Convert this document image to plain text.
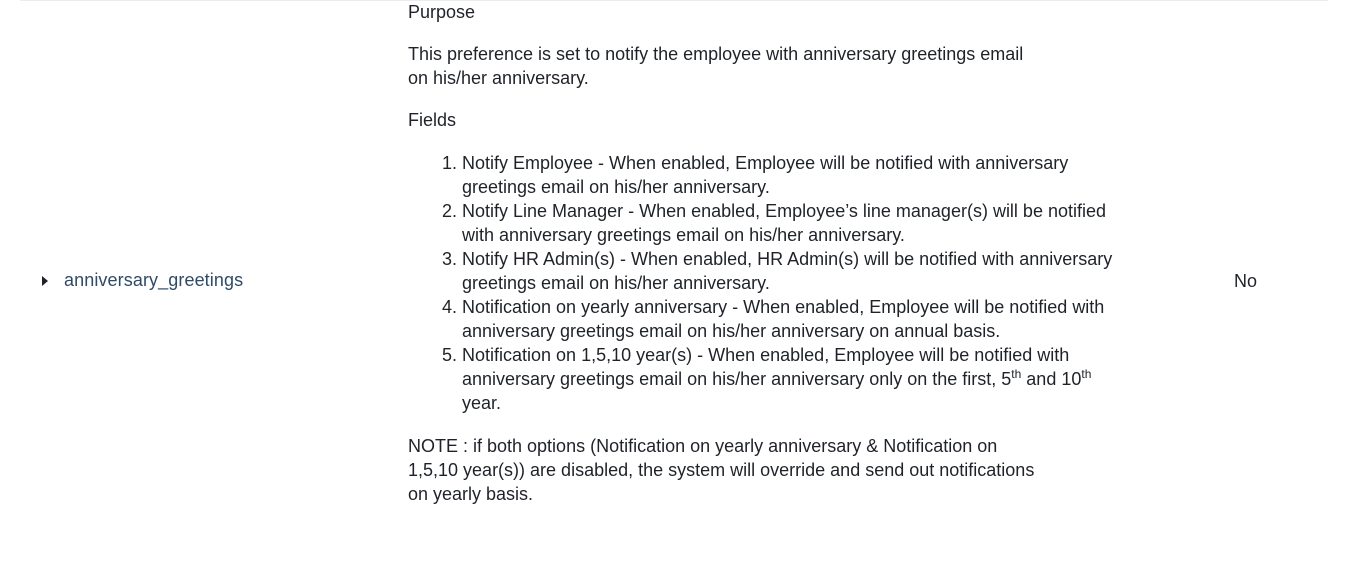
anniversary_greetings

Purpose

This preference is set to notify the employee with anniversary greetings email on his/her anniversary.

Fields

1. Notify Employee - When enabled, Employee will be notified with anniversary greetings email on his/her anniversary.
2. Notify Line Manager - When enabled, Employee’s line manager(s) will be notified with anniversary greetings email on his/her anniversary.
3. Notify HR Admin(s) - When enabled, HR Admin(s) will be notified with anniversary greetings email on his/her anniversary.
4. Notification on yearly anniversary - When enabled, Employee will be notified with anniversary greetings email on his/her anniversary on annual basis.
5. Notification on 1,5,10 year(s) - When enabled, Employee will be notified with anniversary greetings email on his/her anniversary only on the first, 5th and 10th year.

NOTE : if both options (Notification on yearly anniversary & Notification on 1,5,10 year(s)) are disabled, the system will override and send out notifications on yearly basis.

No
